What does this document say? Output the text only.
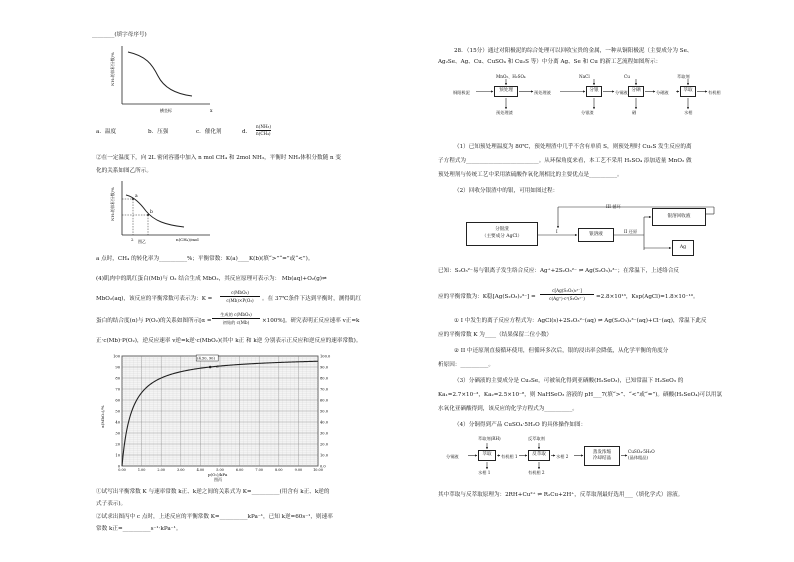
________(填字母序号)
NH₃的体积分数/%
横坐标	x
a．温度	b．压强	c．催化剂	d．
n(NH₃)
n(CH₄)
②在一定温度下，向 2L 密闭容器中加入 n mol CH₄ 和 2mol NH₃，平衡时 NH₃体积分数随 n 变
化的关系如图乙所示。
a
b
NH₃的体积分数/%
2 图乙	n(CH₄)/mol
a 点时，CH₄ 的转化率为__________%；平衡常数：K(a)____K(b)(填“>”“=”或“<”)。
(4)肌肉中的肌红蛋白(Mb)与 O₂ 结合生成 MbO₂，其反应原理可表示为： Mb(aq)+O₂(g)⇌
MbO₂(aq)，该反应的平衡常数可表示为：K =
c(MbO₂)
c(Mb)×P(O₂)	。在 37℃条件下达到平衡时，测得肌红
蛋白的结合度(α)与 P(O₂)的关系如图所示[α =
生成的 c(MbO₂)
初始的 c(Mb)	×100%]。研究表明正反应速率 v正=k
正·c(Mb)·P(O₂)，逆反应速率 v逆=k逆·c(MbO₂)(其中 k正 和 k逆 分别表示正反应和逆反应的速率常数)。
(4.50, 90)
c
100
90
80
70
60
50
40
30
20
10
0
100.0
90.0
80.0
70.0
60.0
50.0
40.0
30.0
20.0
10.0
0.0
0.00	1.00	2.00	3.00	4.00	5.00	6.00	7.00	8.00	9.00	10.00
α(MbO₂)/%
p(O₂)/kPa
图丙
①试写出平衡常数 K 与速率常数 k正、k逆之间的关系式为 K=__________(用含有 k正、k逆的
式子表示)。
②试求出图丙中 c 点时，上述反应的平衡常数 K=__________kPa⁻¹，已知 k逆=60s⁻¹，则速率
常数 k正=__________s⁻¹·kPa⁻¹。
28．（15分）通过对阳极泥的综合处理可以回收宝贵的金属，一种从铜阳极泥（主要成分为 Se、
Ag₂Se、Ag、Cu、CuSO₄ 和 Cu₂S 等）中分离 Ag、Se 和 Cu 的新工艺流程如图所示：
MnO₂、H₂SO₄	NaCl	Cu	萃取剂
铜阳极泥	预处理	预处理液	分银	分铜液 分硒	分硒液	萃取	有机相
预处理渣	分银渣	硒	水相
（1）已知预处理温度为 80℃，预处理渣中几乎不含有单质 S，则预处理时 Cu₂S 发生反应的离
子方程式为__________________________。从环保角度来看，本工艺不采用 H₂SO₄ 添加适量 MnO₂ 做
预处理剂与传统工艺中采用浓硫酸作氧化剂相比的主要优点是__________。
（2）回收分银渣中的银，可用如图过程：
III 循环
分银渣
（主要成分 AgCl）
I
银溶液
II 还原
银溶回收液
Ag
已知：S₂O₃²⁻易与银离子发生络合反应：Ag⁺+2S₂O₃²⁻ ⇌ Ag(S₂O₃)₂³⁻；在常温下，上述络合反
应的平衡常数为：K稳[Ag(S₂O₃)₂³⁻] =
c[Ag(S₂O₃)₂³⁻]
c(Ag⁺)·c²(S₂O₃²⁻)	=2.8×10¹³，Ksp(AgCl)=1.8×10⁻¹⁰。
① I 中发生的离子反应方程式为：AgCl(s)+2S₂O₃²⁻(aq) ⇌ Ag(S₂O₃)₂³⁻(aq)+Cl⁻(aq)，常温下此反
应的平衡常数 K 为____（结果保留二位小数）
② II 中还原剂直接循环使用，但循环多次后，银的浸出率会降低，从化学平衡的角度分
析原因：__________。
（3）分硒液的主要成分是 Cu₂Se，可被氧化得到亚硒酸(H₂SeO₃)，已知常温下 H₂SeO₃ 的
Ka₁=2.7×10⁻³，Ka₂=2.5×10⁻⁸，则 NaHSeO₃ 溶液的 pH___7(填“>”、“<”或“=”)。硒酸(H₂SeO₄)可以用氯
水氧化亚硒酸得到，该反应的化学方程式为__________。
（4）分铜得到产品 CuSO₄·5H₂O 的具体操作如图：
萃取剂(RH)	反萃取剂
分铜液	萃取	有机相 1	反萃取	水相 2
蒸发浓缩
冷却结晶
CuSO₄·5H₂O
(晶体粗品)
水相 1	有机相 2
其中萃取与反萃取原理为：2RH+Cu²⁺ ⇌ R₂Cu+2H⁺，反萃取剂最好选用___（填化学式）溶液。
